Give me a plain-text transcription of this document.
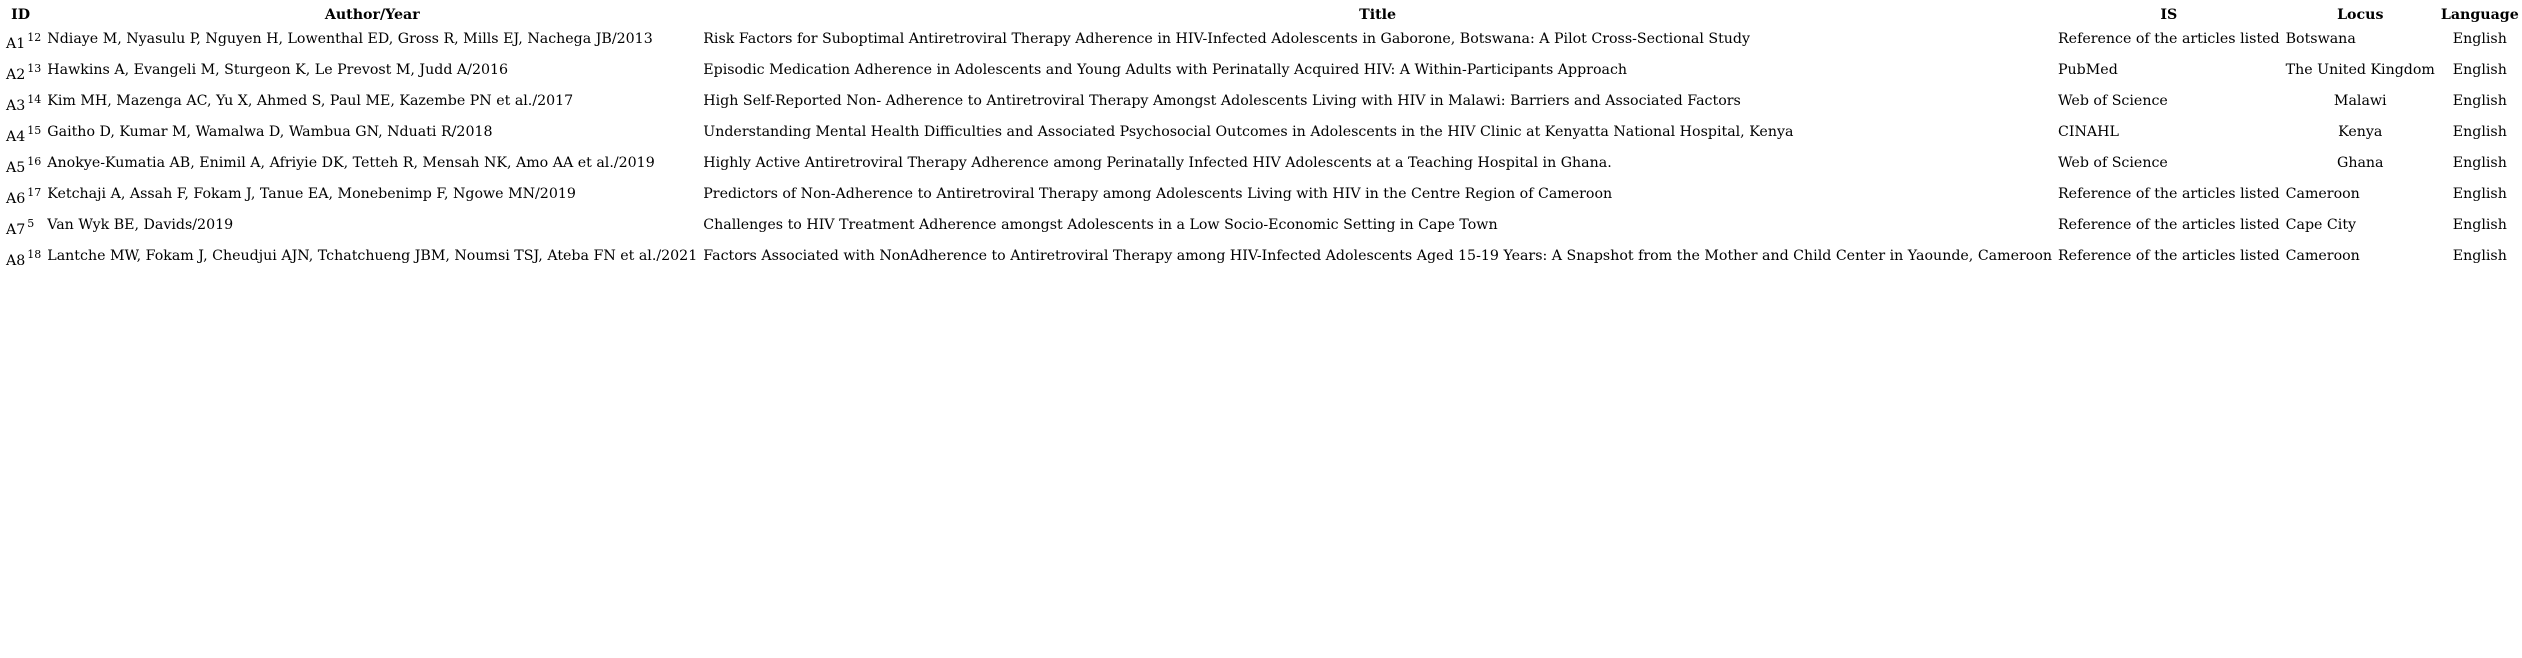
ID	Author/Year	Title	IS	Locus	Language
A1 $^{12}$	Ndiaye M, Nyasulu P, Nguyen H, Lowenthal ED, Gross R, Mills EJ, Nachega JB/2013	Risk Factors for Suboptimal Antiretroviral Therapy Adherence in HIV-Infected Adolescents in Gaborone, Botswana: A Pilot Cross-Sectional Study	Reference of the articles listed	Botswana	English
A2 $^{13}$	Hawkins A, Evangeli M, Sturgeon K, Le Prevost M, Judd A/2016	Episodic Medication Adherence in Adolescents and Young Adults with Perinatally Acquired HIV: A Within-Participants Approach	PubMed	The United Kingdom	English
A3 $^{14}$	Kim MH, Mazenga AC, Yu X, Ahmed S, Paul ME, Kazembe PN et al./2017	High Self-Reported Non- Adherence to Antiretroviral Therapy Amongst Adolescents Living with HIV in Malawi: Barriers and Associated Factors	Web of Science	Malawi	English
A4 $^{15}$	Gaitho D, Kumar M, Wamalwa D, Wambua GN, Nduati R/2018	Understanding Mental Health Difficulties and Associated Psychosocial Outcomes in Adolescents in the HIV Clinic at Kenyatta National Hospital, Kenya	CINAHL	Kenya	English
A5 $^{16}$	Anokye-Kumatia AB, Enimil A, Afriyie DK, Tetteh R, Mensah NK, Amo AA et al./2019	Highly Active Antiretroviral Therapy Adherence among Perinatally Infected HIV Adolescents at a Teaching Hospital in Ghana.	Web of Science	Ghana	English
A6 $^{17}$	Ketchaji A, Assah F, Fokam J, Tanue EA, Monebenimp F, Ngowe MN/2019	Predictors of Non-Adherence to Antiretroviral Therapy among Adolescents Living with HIV in the Centre Region of Cameroon	Reference of the articles listed	Cameroon	English
A7 $^5$	Van Wyk BE, Davids/2019	Challenges to HIV Treatment Adherence amongst Adolescents in a Low Socio-Economic Setting in Cape Town	Reference of the articles listed	Cape City	English
A8 $^{18}$	Lantche MW, Fokam J, Cheudjui AJN, Tchatchueng JBM, Noumsi TSJ, Ateba FN et al./2021	Factors Associated with NonAdherence to Antiretroviral Therapy among HIV-Infected Adolescents Aged 15-19 Years: A Snapshot from the Mother and Child Center in Yaounde, Cameroon	Reference of the articles listed	Cameroon	English
